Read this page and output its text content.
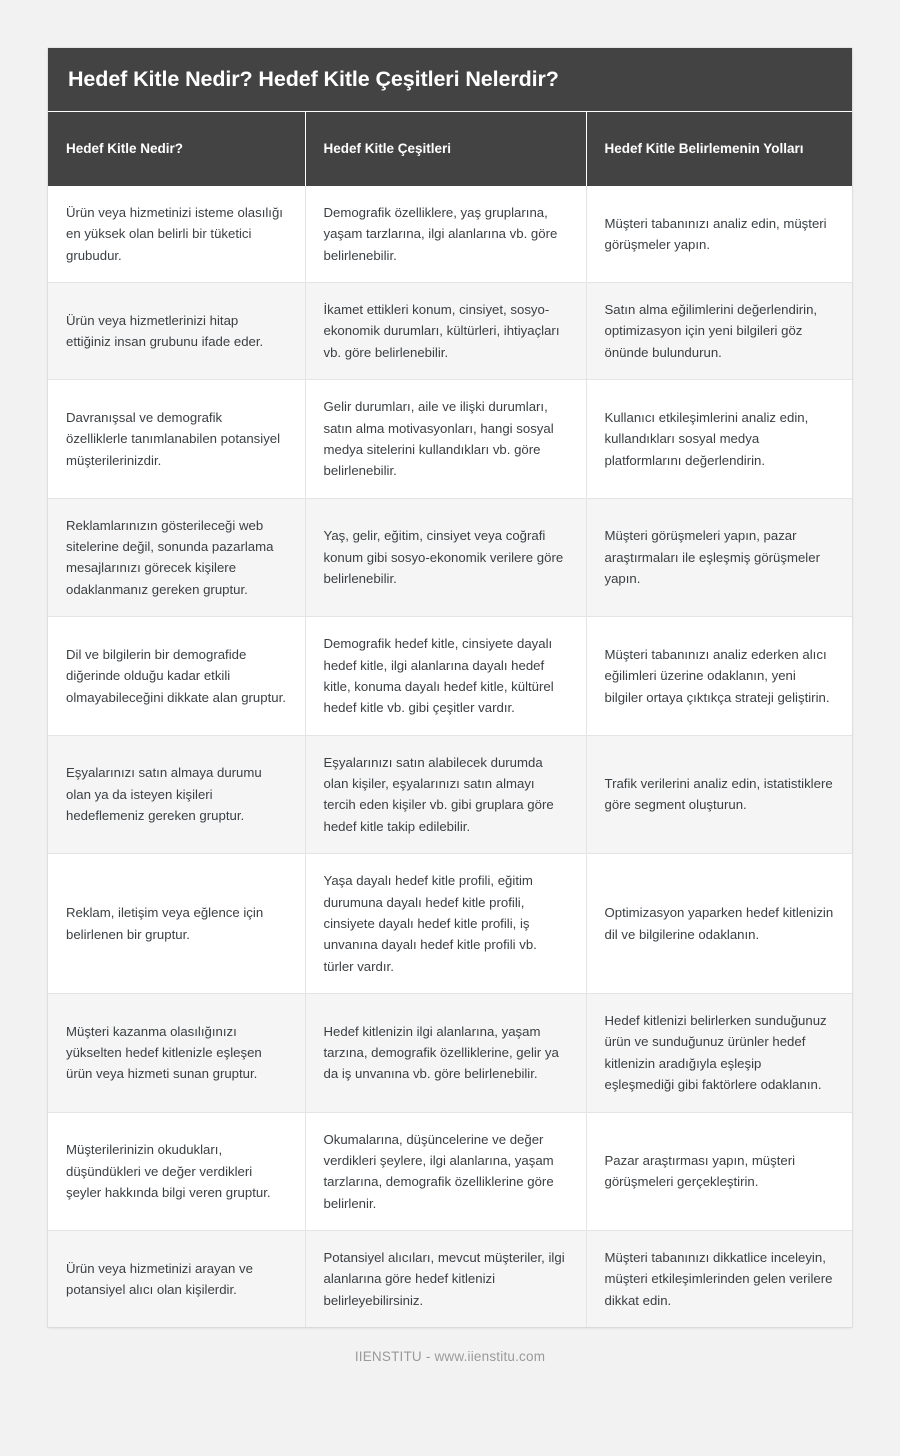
Hedef Kitle Nedir? Hedef Kitle Çeşitleri Nelerdir?
Hedef Kitle Nedir?	Hedef Kitle Çeşitleri	Hedef Kitle Belirlemenin Yolları
Ürün veya hizmetinizi isteme olasılığı en yüksek olan belirli bir tüketici grubudur.	Demografik özelliklere, yaş gruplarına, yaşam tarzlarına, ilgi alanlarına vb. göre belirlenebilir.	Müşteri tabanınızı analiz edin, müşteri görüşmeler yapın.
Ürün veya hizmetlerinizi hitap ettiğiniz insan grubunu ifade eder.	İkamet ettikleri konum, cinsiyet, sosyo-ekonomik durumları, kültürleri, ihtiyaçları vb. göre belirlenebilir.	Satın alma eğilimlerini değerlendirin, optimizasyon için yeni bilgileri göz önünde bulundurun.
Davranışsal ve demografik özelliklerle tanımlanabilen potansiyel müşterilerinizdir.	Gelir durumları, aile ve ilişki durumları, satın alma motivasyonları, hangi sosyal medya sitelerini kullandıkları vb. göre belirlenebilir.	Kullanıcı etkileşimlerini analiz edin, kullandıkları sosyal medya platformlarını değerlendirin.
Reklamlarınızın gösterileceği web sitelerine değil, sonunda pazarlama mesajlarınızı görecek kişilere odaklanmanız gereken gruptur.	Yaş, gelir, eğitim, cinsiyet veya coğrafi konum gibi sosyo-ekonomik verilere göre belirlenebilir.	Müşteri görüşmeleri yapın, pazar araştırmaları ile eşleşmiş görüşmeler yapın.
Dil ve bilgilerin bir demografide diğerinde olduğu kadar etkili olmayabileceğini dikkate alan gruptur.	Demografik hedef kitle, cinsiyete dayalı hedef kitle, ilgi alanlarına dayalı hedef kitle, konuma dayalı hedef kitle, kültürel hedef kitle vb. gibi çeşitler vardır.	Müşteri tabanınızı analiz ederken alıcı eğilimleri üzerine odaklanın, yeni bilgiler ortaya çıktıkça strateji geliştirin.
Eşyalarınızı satın almaya durumu olan ya da isteyen kişileri hedeflemeniz gereken gruptur.	Eşyalarınızı satın alabilecek durumda olan kişiler, eşyalarınızı satın almayı tercih eden kişiler vb. gibi gruplara göre hedef kitle takip edilebilir.	Trafik verilerini analiz edin, istatistiklere göre segment oluşturun.
Reklam, iletişim veya eğlence için belirlenen bir gruptur.	Yaşa dayalı hedef kitle profili, eğitim durumuna dayalı hedef kitle profili, cinsiyete dayalı hedef kitle profili, iş unvanına dayalı hedef kitle profili vb. türler vardır.	Optimizasyon yaparken hedef kitlenizin dil ve bilgilerine odaklanın.
Müşteri kazanma olasılığınızı yükselten hedef kitlenizle eşleşen ürün veya hizmeti sunan gruptur.	Hedef kitlenizin ilgi alanlarına, yaşam tarzına, demografik özelliklerine, gelir ya da iş unvanına vb. göre belirlenebilir.	Hedef kitlenizi belirlerken sunduğunuz ürün ve sunduğunuz ürünler hedef kitlenizin aradığıyla eşleşip eşleşmediği gibi faktörlere odaklanın.
Müşterilerinizin okudukları, düşündükleri ve değer verdikleri şeyler hakkında bilgi veren gruptur.	Okumalarına, düşüncelerine ve değer verdikleri şeylere, ilgi alanlarına, yaşam tarzlarına, demografik özelliklerine göre belirlenir.	Pazar araştırması yapın, müşteri görüşmeleri gerçekleştirin.
Ürün veya hizmetinizi arayan ve potansiyel alıcı olan kişilerdir.	Potansiyel alıcıları, mevcut müşteriler, ilgi alanlarına göre hedef kitlenizi belirleyebilirsiniz.	Müşteri tabanınızı dikkatlice inceleyin, müşteri etkileşimlerinden gelen verilere dikkat edin.
IIENSTITU - www.iienstitu.com
